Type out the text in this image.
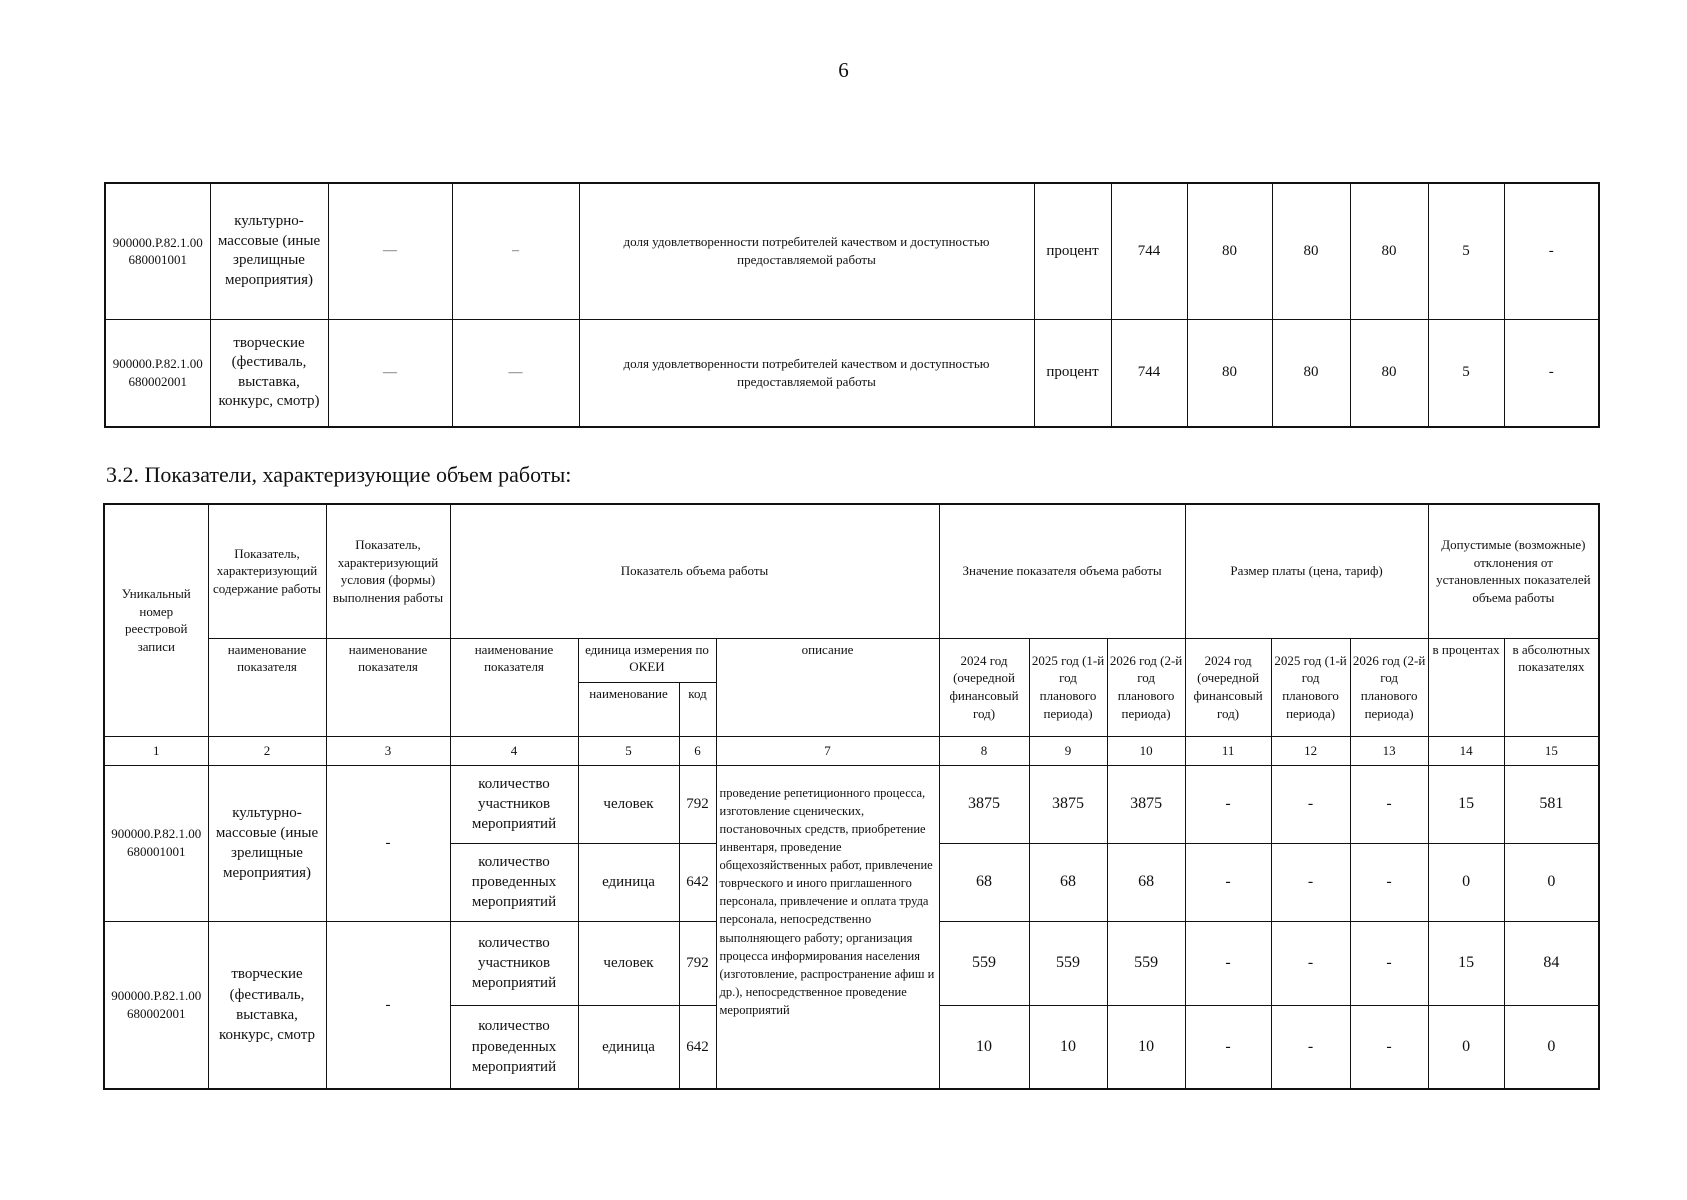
6
900000.Р.82.1.00 680001001	культурно-массовые (иные зрелищные мероприятия)	—	–	доля удовлетворенности потребителей качеством и доступностью предоставляемой работы	процент	744	80	80	80	5	-
900000.Р.82.1.00 680002001	творческие (фестиваль, выставка, конкурс, смотр)	—	—	доля удовлетворенности потребителей качеством и доступностью предоставляемой работы	процент	744	80	80	80	5	-
3.2. Показатели, характеризующие объем работы:
Уникальный номер реестровой записи	Показатель, характеризующий содержание работы	Показатель, характеризующий условия (формы) выполнения работы	Показатель объема работы				Значение показателя объема работы			Размер платы (цена, тариф)			Допустимые (возможные) отклонения от установленных показателей объема работы	
	наименование показателя	наименование показателя	наименование показателя	единица измерения по ОКЕИ		описание	2024 год (очередной финансовый год)	2025 год (1-й год планового периода)	2026 год (2-й год планового периода)	2024 год (очередной финансовый год)	2025 год (1-й год планового периода)	2026 год (2-й год планового периода)	в процентах	в абсолютных показателях
				наименование	код									
1	2	3	4	5	6	7	8	9	10	11	12	13	14	15
900000.Р.82.1.00 680001001	культурно-массовые (иные зрелищные мероприятия)	-	количество участников мероприятий	человек	792	проведение репетиционного процесса, изготовление сценических, постановочных средств, приобретение инвентаря, проведение общехозяйственных работ, привлечение товрческого и иного приглашенного персонала, привлечение и оплата труда персонала, непосредственно выполняющего работу; организация процесса информирования населения (изготовление, распространение афиш и др.), непосредственное проведение мероприятий	3875	3875	3875	-	-	-	15	581
			количество проведенных мероприятий	единица	642		68	68	68	-	-	-	0	0
900000.Р.82.1.00 680002001	творческие (фестиваль, выставка, конкурс, смотр	-	количество участников мероприятий	человек	792		559	559	559	-	-	-	15	84
			количество проведенных мероприятий	единица	642		10	10	10	-	-	-	0	0
